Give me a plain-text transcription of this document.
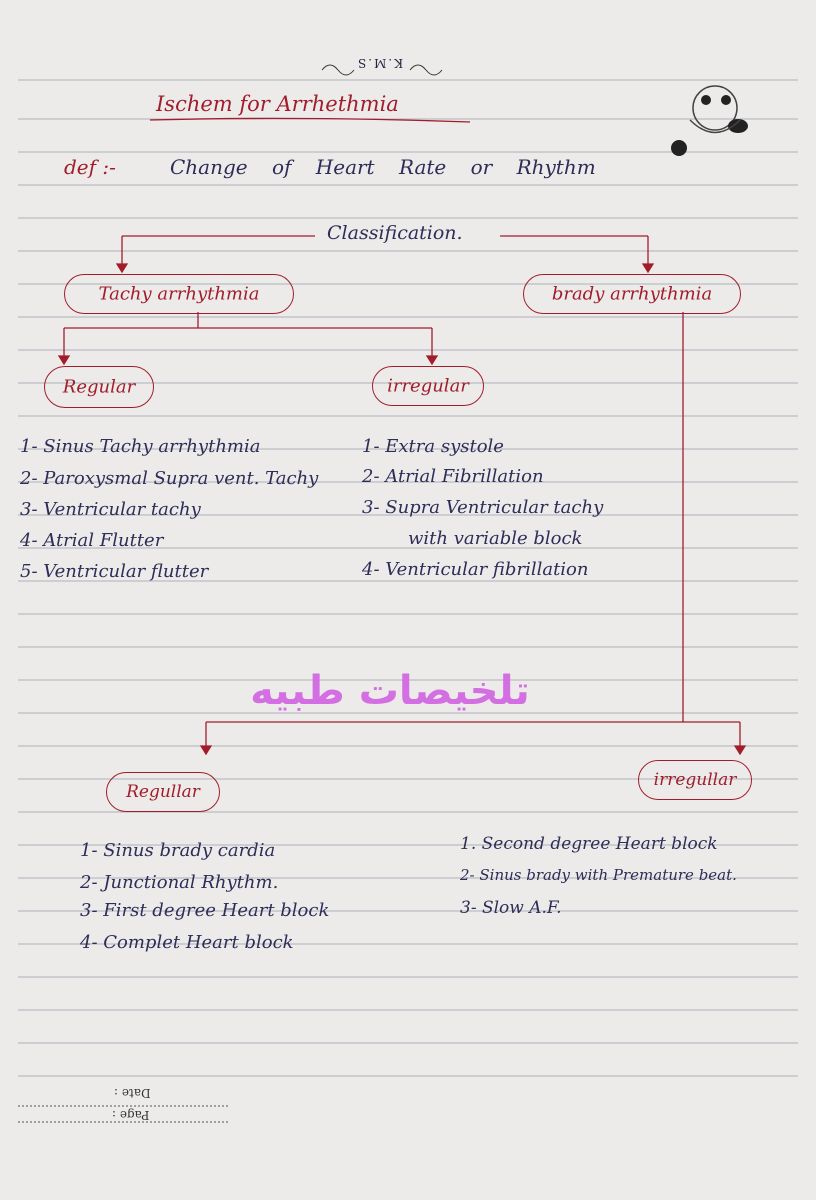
K.M.S
Ischem for Arrhethmia
def :-	Change of Heart Rate or Rhythm
Classification.
Tachy arrhythmia	brady arrhythmia
Regular	irregular
1- Sinus Tachy arrhythmia
2- Paroxysmal Supra vent. Tachy
3- Ventricular tachy
4- Atrial Flutter
5- Ventricular flutter
1- Extra systole
2- Atrial Fibrillation
3- Supra Ventricular tachy
with variable block
4- Ventricular fibrillation
تلخيصات طبيه
Regullar
irregullar
1- Sinus brady cardia
2- Junctional Rhythm.
3- First degree Heart block
4- Complet Heart block
1. Second degree Heart block
2- Sinus brady with Premature beat.
3- Slow A.F.
Date :
Page :
